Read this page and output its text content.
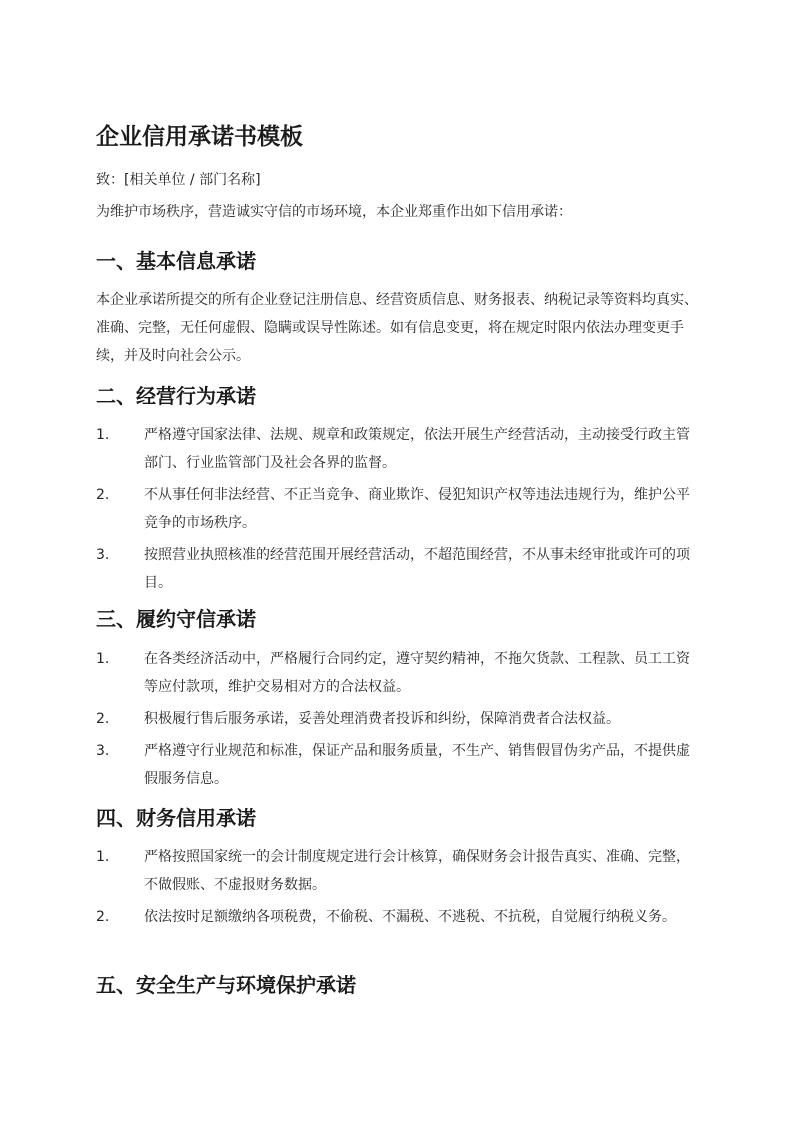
企业信用承诺书模板

致：[相关单位 / 部门名称]

为维护市场秩序，营造诚实守信的市场环境，本企业郑重作出如下信用承诺：

一、基本信息承诺

本企业承诺所提交的所有企业登记注册信息、经营资质信息、财务报表、纳税记录等资料均真实、准确、完整，无任何虚假、隐瞒或误导性陈述。如有信息变更，将在规定时限内依法办理变更手续，并及时向社会公示。

二、经营行为承诺
1.	严格遵守国家法律、法规、规章和政策规定，依法开展生产经营活动，主动接受行政主管部门、行业监管部门及社会各界的监督。
2.	不从事任何非法经营、不正当竞争、商业欺诈、侵犯知识产权等违法违规行为，维护公平竞争的市场秩序。
3.	按照营业执照核准的经营范围开展经营活动，不超范围经营，不从事未经审批或许可的项目。
三、履约守信承诺
1.	在各类经济活动中，严格履行合同约定，遵守契约精神，不拖欠货款、工程款、员工工资等应付款项，维护交易相对方的合法权益。
2.	积极履行售后服务承诺，妥善处理消费者投诉和纠纷，保障消费者合法权益。
3.	严格遵守行业规范和标准，保证产品和服务质量，不生产、销售假冒伪劣产品，不提供虚假服务信息。
四、财务信用承诺
1.	严格按照国家统一的会计制度规定进行会计核算，确保财务会计报告真实、准确、完整，不做假账、不虚报财务数据。
2.	依法按时足额缴纳各项税费，不偷税、不漏税、不逃税、不抗税，自觉履行纳税义务。
五、安全生产与环境保护承诺
